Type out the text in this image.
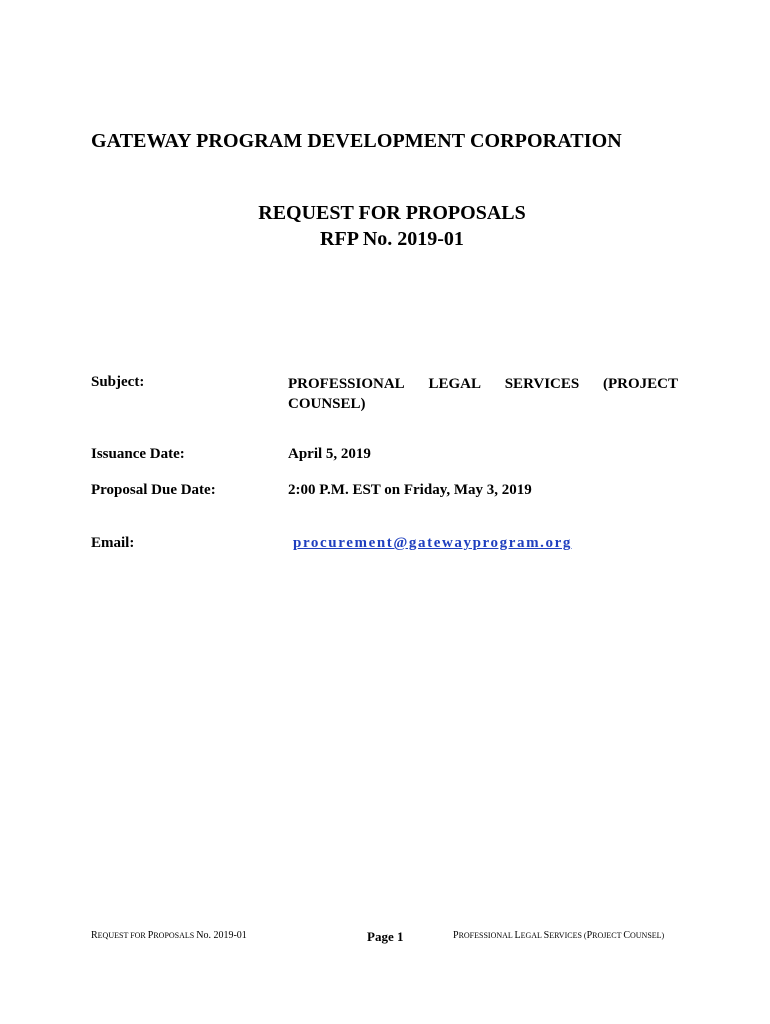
GATEWAY PROGRAM DEVELOPMENT CORPORATION
REQUEST FOR PROPOSALS
RFP No. 2019-01
Subject:	PROFESSIONAL LEGAL SERVICES (PROJECT
COUNSEL)
Issuance Date:	April 5, 2019
Proposal Due Date:	2:00 P.M. EST on Friday, May 3, 2019
Email:	procurement@gatewayprogram.org
REQUEST FOR PROPOSALS No. 2019-01	Page 1	PROFESSIONAL LEGAL SERVICES (PROJECT COUNSEL)
